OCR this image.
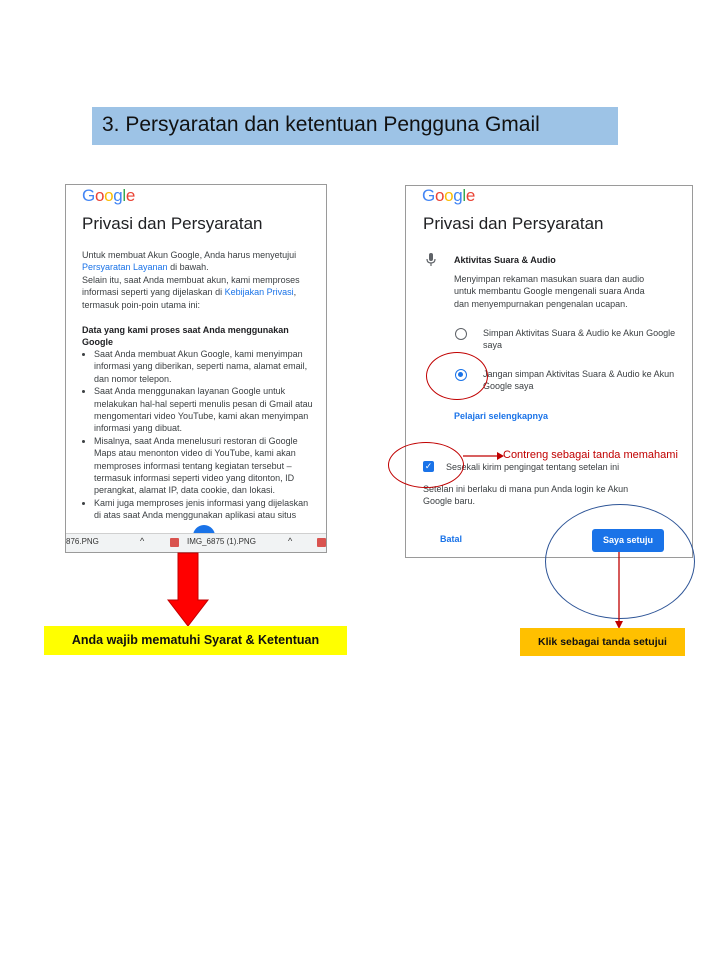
3. Persyaratan dan ketentuan Pengguna Gmail
Google
Privasi dan Persyaratan
Untuk membuat Akun Google, Anda harus menyetujui
Persyaratan Layanan di bawah.
Selain itu, saat Anda membuat akun, kami memproses informasi seperti yang dijelaskan di Kebijakan Privasi, termasuk poin-poin utama ini:
Data yang kami proses saat Anda menggunakan Google
• Saat Anda membuat Akun Google, kami menyimpan informasi yang diberikan, seperti nama, alamat email, dan nomor telepon.
• Saat Anda menggunakan layanan Google untuk melakukan hal-hal seperti menulis pesan di Gmail atau mengomentari video YouTube, kami akan menyimpan informasi yang dibuat.
• Misalnya, saat Anda menelusuri restoran di Google Maps atau menonton video di YouTube, kami akan memproses informasi tentang kegiatan tersebut – termasuk informasi seperti video yang ditonton, ID perangkat, alamat IP, data cookie, dan lokasi.
• Kami juga memproses jenis informasi yang dijelaskan di atas saat Anda menggunakan aplikasi atau situs
876.PNG	^	IMG_6875 (1).PNG	^
Anda wajib mematuhi Syarat & Ketentuan
Google
Privasi dan Persyaratan
Aktivitas Suara & Audio
Menyimpan rekaman masukan suara dan audio untuk membantu Google mengenali suara Anda dan menyempurnakan pengenalan ucapan.
Simpan Aktivitas Suara & Audio ke Akun Google saya
Jangan simpan Aktivitas Suara & Audio ke Akun Google saya
Pelajari selengkapnya
✓ Sesekali kirim pengingat tentang setelan ini
Setelan ini berlaku di mana pun Anda login ke Akun Google baru.
Batal	Saya setuju
Contreng sebagai tanda memahami
Klik sebagai tanda setujui
